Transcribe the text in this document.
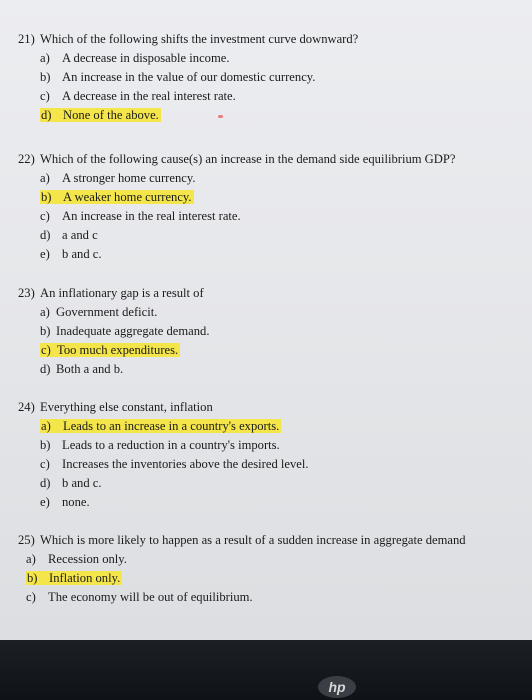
21) Which of the following shifts the investment curve downward?
a) A decrease in disposable income.
b) An increase in the value of our domestic currency.
c) A decrease in the real interest rate.
d) None of the above.
22) Which of the following cause(s) an increase in the demand side equilibrium GDP?
a) A stronger home currency.
b) A weaker home currency.
c) An increase in the real interest rate.
d) a and c
e) b and c.
23) An inflationary gap is a result of
a) Government deficit.
b) Inadequate aggregate demand.
c) Too much expenditures.
d) Both a and b.
24) Everything else constant, inflation
a) Leads to an increase in a country's exports.
b) Leads to a reduction in a country's imports.
c) Increases the inventories above the desired level.
d) b and c.
e) none.
25) Which is more likely to happen as a result of a sudden increase in aggregate demand
a) Recession only.
b) Inflation only.
c) The economy will be out of equilibrium.
hp
